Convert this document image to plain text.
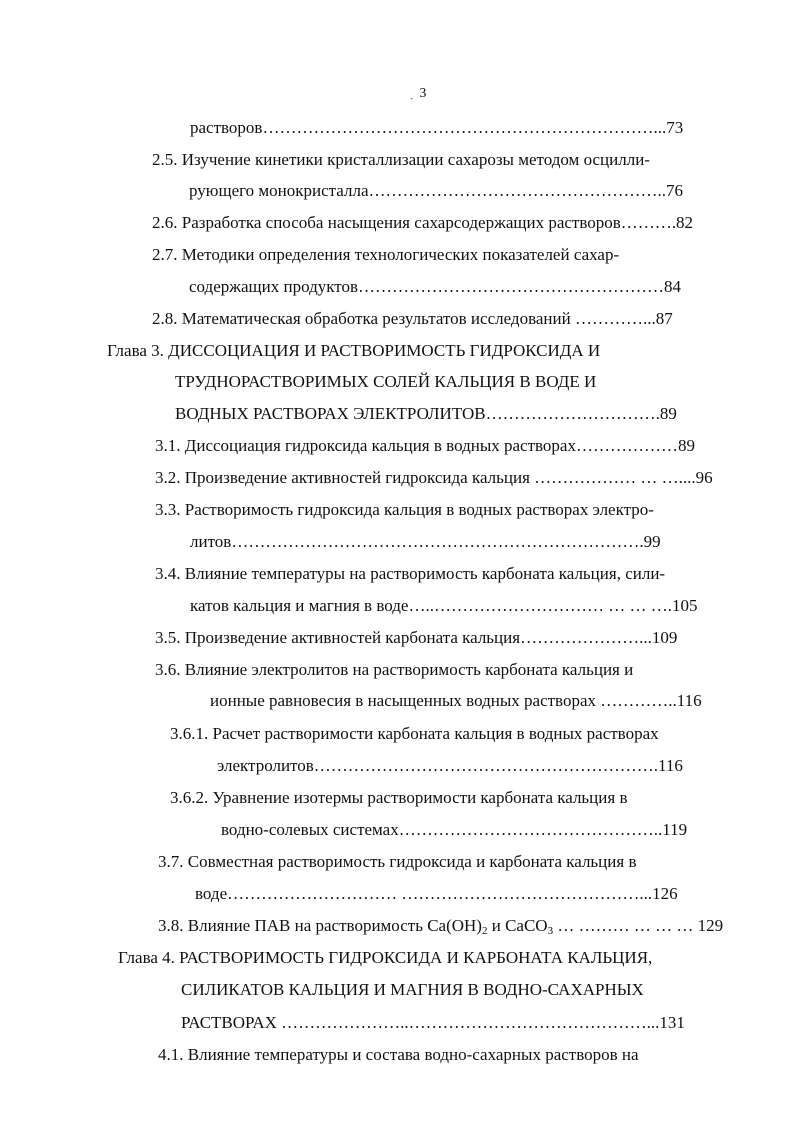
ˏ 3
растворов……………………………………………………………...73
2.5. Изучение кинетики кристаллизации сахарозы методом осцилли-
рующего монокристалла……………………………………………..76
2.6. Разработка способа насыщения сахарсодержащих растворов……….82
2.7. Методики определения технологических показателей сахар-
содержащих продуктов………………………………………………84
2.8. Математическая обработка результатов исследований …………...87
Глава 3. ДИССОЦИАЦИЯ И РАСТВОРИМОСТЬ ГИДРОКСИДА И
ТРУДНОРАСТВОРИМЫХ СОЛЕЙ КАЛЬЦИЯ В ВОДЕ И
ВОДНЫХ РАСТВОРАХ ЭЛЕКТРОЛИТОВ………………………….89
3.1. Диссоциация гидроксида кальция в водных растворах………………89
3.2. Произведение активностей гидроксида кальция ……………… … …....96
3.3. Растворимость гидроксида кальция в водных растворах электро-
литов……………………………………………………………….99
3.4. Влияние температуры на растворимость карбоната кальция, сили-
катов кальция и магния в воде…..………………………… … … ….105
3.5. Произведение активностей карбоната кальция…………………...109
3.6. Влияние электролитов на растворимость карбоната кальция и
ионные равновесия в насыщенных водных растворах …………..116
3.6.1. Расчет растворимости карбоната кальция в водных растворах
электролитов…………………………………………………….116
3.6.2. Уравнение изотермы растворимости карбоната кальция в
водно-солевых системах………………………………………..119
3.7. Совместная растворимость гидроксида и карбоната кальция в
воде………………………… ……………………………………...126
3.8. Влияние ПАВ на растворимость $Ca(OH)_2$ и CaCO$_3$ … ……… … … … 129
Глава 4. РАСТВОРИМОСТЬ ГИДРОКСИДА И КАРБОНАТА КАЛЬЦИЯ,
СИЛИКАТОВ КАЛЬЦИЯ И МАГНИЯ В ВОДНО-САХАРНЫХ
РАСТВОРАХ …………………..……………………………………...131
4.1. Влияние температуры и состава водно-сахарных растворов на
